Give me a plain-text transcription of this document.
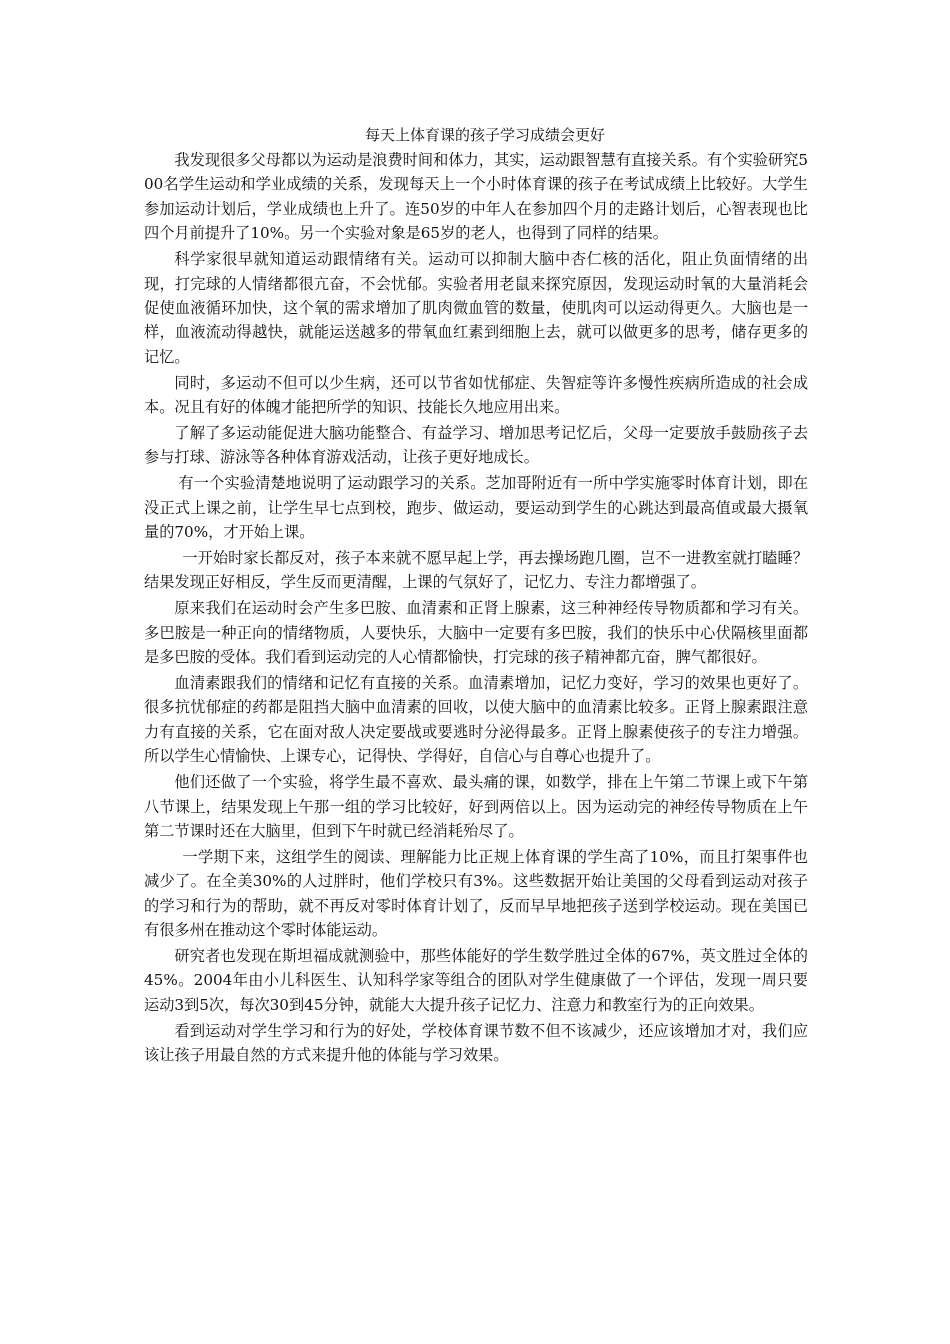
每天上体育课的孩子学习成绩会更好

我发现很多父母都以为运动是浪费时间和体力，其实，运动跟智慧有直接关系。有个实验研究500名学生运动和学业成绩的关系，发现每天上一个小时体育课的孩子在考试成绩上比较好。大学生参加运动计划后，学业成绩也上升了。连50岁的中年人在参加四个月的走路计划后，心智表现也比四个月前提升了10%。另一个实验对象是65岁的老人，也得到了同样的结果。

科学家很早就知道运动跟情绪有关。运动可以抑制大脑中杏仁核的活化，阻止负面情绪的出现，打完球的人情绪都很亢奋，不会忧郁。实验者用老鼠来探究原因，发现运动时氧的大量消耗会促使血液循环加快，这个氧的需求增加了肌肉微血管的数量，使肌肉可以运动得更久。大脑也是一样，血液流动得越快，就能运送越多的带氧血红素到细胞上去，就可以做更多的思考，储存更多的记忆。

同时，多运动不但可以少生病，还可以节省如忧郁症、失智症等许多慢性疾病所造成的社会成本。况且有好的体魄才能把所学的知识、技能长久地应用出来。

了解了多运动能促进大脑功能整合、有益学习、增加思考记忆后，父母一定要放手鼓励孩子去参与打球、游泳等各种体育游戏活动，让孩子更好地成长。

有一个实验清楚地说明了运动跟学习的关系。芝加哥附近有一所中学实施零时体育计划，即在没正式上课之前，让学生早七点到校，跑步、做运动，要运动到学生的心跳达到最高值或最大摄氧量的70%，才开始上课。

一开始时家长都反对，孩子本来就不愿早起上学，再去操场跑几圈，岂不一进教室就打瞌睡？结果发现正好相反，学生反而更清醒，上课的气氛好了，记忆力、专注力都增强了。

原来我们在运动时会产生多巴胺、血清素和正肾上腺素，这三种神经传导物质都和学习有关。多巴胺是一种正向的情绪物质，人要快乐，大脑中一定要有多巴胺，我们的快乐中心伏隔核里面都是多巴胺的受体。我们看到运动完的人心情都愉快，打完球的孩子精神都亢奋，脾气都很好。

血清素跟我们的情绪和记忆有直接的关系。血清素增加，记忆力变好，学习的效果也更好了。很多抗忧郁症的药都是阻挡大脑中血清素的回收，以使大脑中的血清素比较多。正肾上腺素跟注意力有直接的关系，它在面对敌人决定要战或要逃时分泌得最多。正肾上腺素使孩子的专注力增强。所以学生心情愉快、上课专心，记得快、学得好，自信心与自尊心也提升了。

他们还做了一个实验，将学生最不喜欢、最头痛的课，如数学，排在上午第二节课上或下午第八节课上，结果发现上午那一组的学习比较好，好到两倍以上。因为运动完的神经传导物质在上午第二节课时还在大脑里，但到下午时就已经消耗殆尽了。

一学期下来，这组学生的阅读、理解能力比正规上体育课的学生高了10%，而且打架事件也减少了。在全美30%的人过胖时，他们学校只有3%。这些数据开始让美国的父母看到运动对孩子的学习和行为的帮助，就不再反对零时体育计划了，反而早早地把孩子送到学校运动。现在美国已有很多州在推动这个零时体能运动。

研究者也发现在斯坦福成就测验中，那些体能好的学生数学胜过全体的67%，英文胜过全体的45%。2004年由小儿科医生、认知科学家等组合的团队对学生健康做了一个评估，发现一周只要运动3到5次，每次30到45分钟，就能大大提升孩子记忆力、注意力和教室行为的正向效果。

看到运动对学生学习和行为的好处，学校体育课节数不但不该减少，还应该增加才对，我们应该让孩子用最自然的方式来提升他的体能与学习效果。
